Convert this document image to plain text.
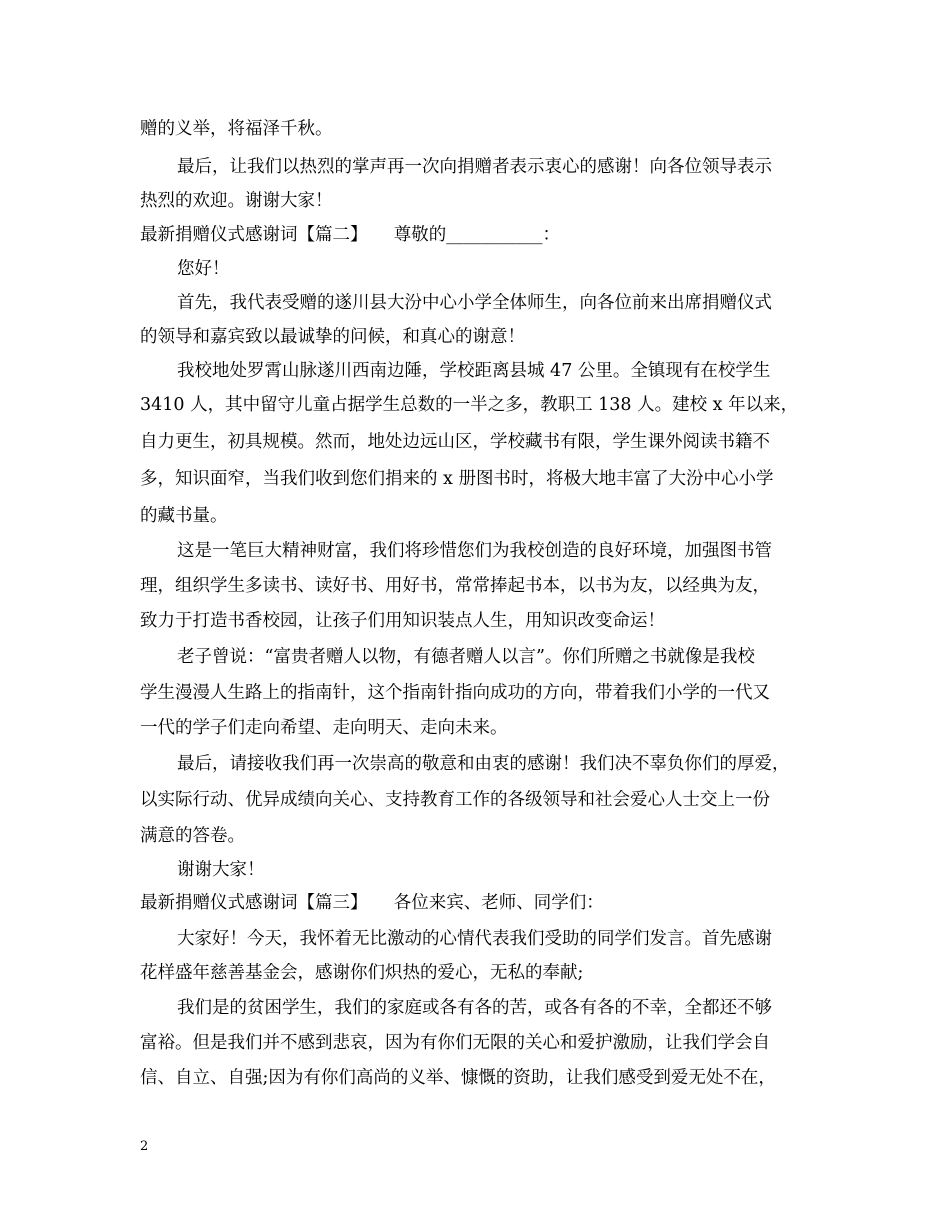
赠的义举，将福泽千秋。
最后，让我们以热烈的掌声再一次向捐赠者表示衷心的感谢！向各位领导表示
热烈的欢迎。谢谢大家！
最新捐赠仪式感谢词【篇二】　　尊敬的___________：
您好！
首先，我代表受赠的遂川县大汾中心小学全体师生，向各位前来出席捐赠仪式
的领导和嘉宾致以最诚挚的问候，和真心的谢意！
我校地处罗霄山脉遂川西南边陲，学校距离县城 47 公里。全镇现有在校学生
3410 人，其中留守儿童占据学生总数的一半之多，教职工 138 人。建校 x 年以来，
自力更生，初具规模。然而，地处边远山区，学校藏书有限，学生课外阅读书籍不
多，知识面窄，当我们收到您们捐来的 x 册图书时，将极大地丰富了大汾中心小学
的藏书量。
这是一笔巨大精神财富，我们将珍惜您们为我校创造的良好环境，加强图书管
理，组织学生多读书、读好书、用好书，常常捧起书本，以书为友，以经典为友，
致力于打造书香校园，让孩子们用知识装点人生，用知识改变命运！
老子曾说：“富贵者赠人以物，有德者赠人以言”。你们所赠之书就像是我校
学生漫漫人生路上的指南针，这个指南针指向成功的方向，带着我们小学的一代又
一代的学子们走向希望、走向明天、走向未来。
最后，请接收我们再一次崇高的敬意和由衷的感谢！我们决不辜负你们的厚爱，
以实际行动、优异成绩向关心、支持教育工作的各级领导和社会爱心人士交上一份
满意的答卷。
谢谢大家！
最新捐赠仪式感谢词【篇三】　　各位来宾、老师、同学们：
大家好！今天，我怀着无比激动的心情代表我们受助的同学们发言。首先感谢
花样盛年慈善基金会，感谢你们炽热的爱心，无私的奉献;
我们是的贫困学生，我们的家庭或各有各的苦，或各有各的不幸，全都还不够
富裕。但是我们并不感到悲哀，因为有你们无限的关心和爱护激励，让我们学会自
信、自立、自强;因为有你们高尚的义举、慷慨的资助，让我们感受到爱无处不在，
2
